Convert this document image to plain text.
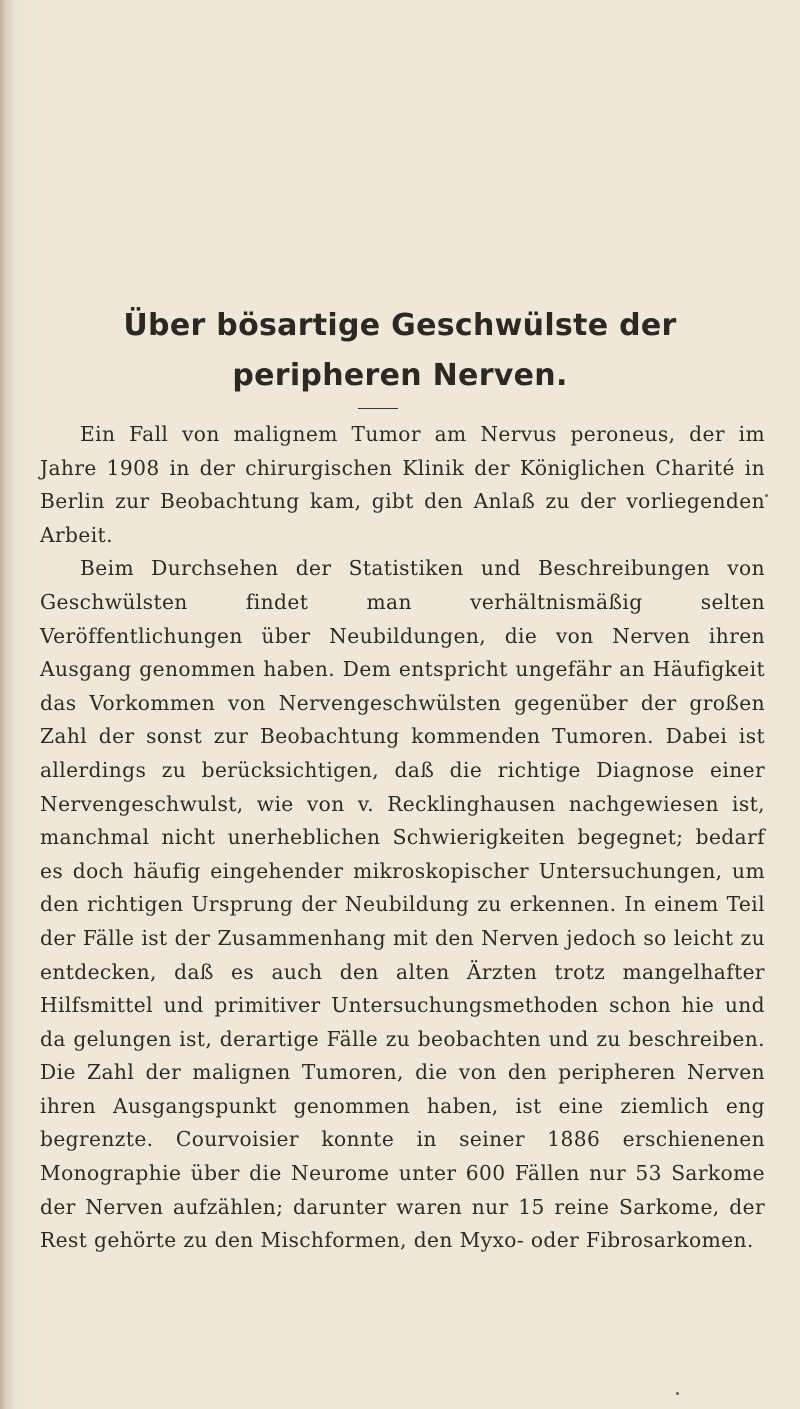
Über bösartige Geschwülste der
peripheren Nerven.

Ein Fall von malignem Tumor am Nervus peroneus, der im Jahre 1908 in der chirurgischen Klinik der Königlichen Charité in Berlin zur Beobachtung kam, gibt den Anlaß zu der vorliegenden Arbeit.

Beim Durchsehen der Statistiken und Beschreibungen von Geschwülsten findet man verhältnismäßig selten Veröffentlichungen über Neubildungen, die von Nerven ihren Ausgang genommen haben. Dem entspricht ungefähr an Häufigkeit das Vorkommen von Nervengeschwülsten gegenüber der großen Zahl der sonst zur Beobachtung kommenden Tumoren. Dabei ist allerdings zu berücksichtigen, daß die richtige Diagnose einer Nervengeschwulst, wie von v. Recklinghausen nachgewiesen ist, manchmal nicht unerheblichen Schwierigkeiten begegnet; bedarf es doch häufig eingehender mikroskopischer Untersuchungen, um den richtigen Ursprung der Neubildung zu erkennen. In einem Teil der Fälle ist der Zusammenhang mit den Nerven jedoch so leicht zu entdecken, daß es auch den alten Ärzten trotz mangelhafter Hilfsmittel und primitiver Untersuchungsmethoden schon hie und da gelungen ist, derartige Fälle zu beobachten und zu beschreiben. Die Zahl der malignen Tumoren, die von den peripheren Nerven ihren Ausgangspunkt genommen haben, ist eine ziemlich eng begrenzte. Courvoisier konnte in seiner 1886 erschienenen Monographie über die Neurome unter 600 Fällen nur 53 Sarkome der Nerven aufzählen; darunter waren nur 15 reine Sarkome, der Rest gehörte zu den Mischformen, den Myxo- oder Fibrosarkomen.
